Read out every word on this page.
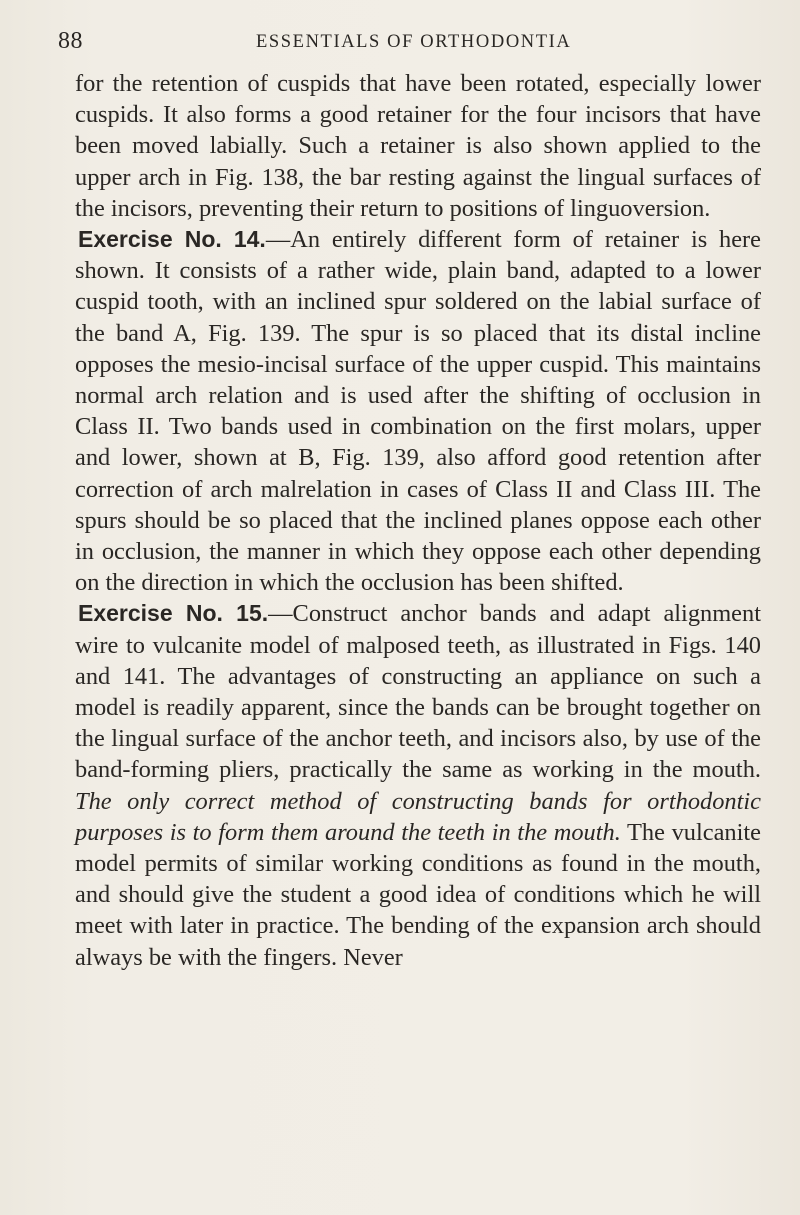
88	ESSENTIALS OF ORTHODONTIA

for the retention of cuspids that have been rotated, especially lower cuspids. It also forms a good retainer for the four incisors that have been moved labially. Such a retainer is also shown applied to the upper arch in Fig. 138, the bar resting against the lingual surfaces of the incisors, preventing their return to positions of linguoversion.

Exercise No. 14.—An entirely different form of retainer is here shown. It consists of a rather wide, plain band, adapted to a lower cuspid tooth, with an inclined spur soldered on the labial surface of the band A, Fig. 139. The spur is so placed that its distal incline opposes the mesio-incisal surface of the upper cuspid. This maintains normal arch relation and is used after the shifting of occlusion in Class II. Two bands used in combination on the first molars, upper and lower, shown at B, Fig. 139, also afford good retention after correction of arch malrelation in cases of Class II and Class III. The spurs should be so placed that the inclined planes oppose each other in occlusion, the manner in which they oppose each other depending on the direction in which the occlusion has been shifted.

Exercise No. 15.—Construct anchor bands and adapt alignment wire to vulcanite model of malposed teeth, as illustrated in Figs. 140 and 141. The advantages of constructing an appliance on such a model is readily apparent, since the bands can be brought together on the lingual surface of the anchor teeth, and incisors also, by use of the band-forming pliers, practically the same as working in the mouth. The only correct method of constructing bands for orthodontic purposes is to form them around the teeth in the mouth. The vulcanite model permits of similar working conditions as found in the mouth, and should give the student a good idea of conditions which he will meet with later in practice. The bending of the expansion arch should always be with the fingers. Never
